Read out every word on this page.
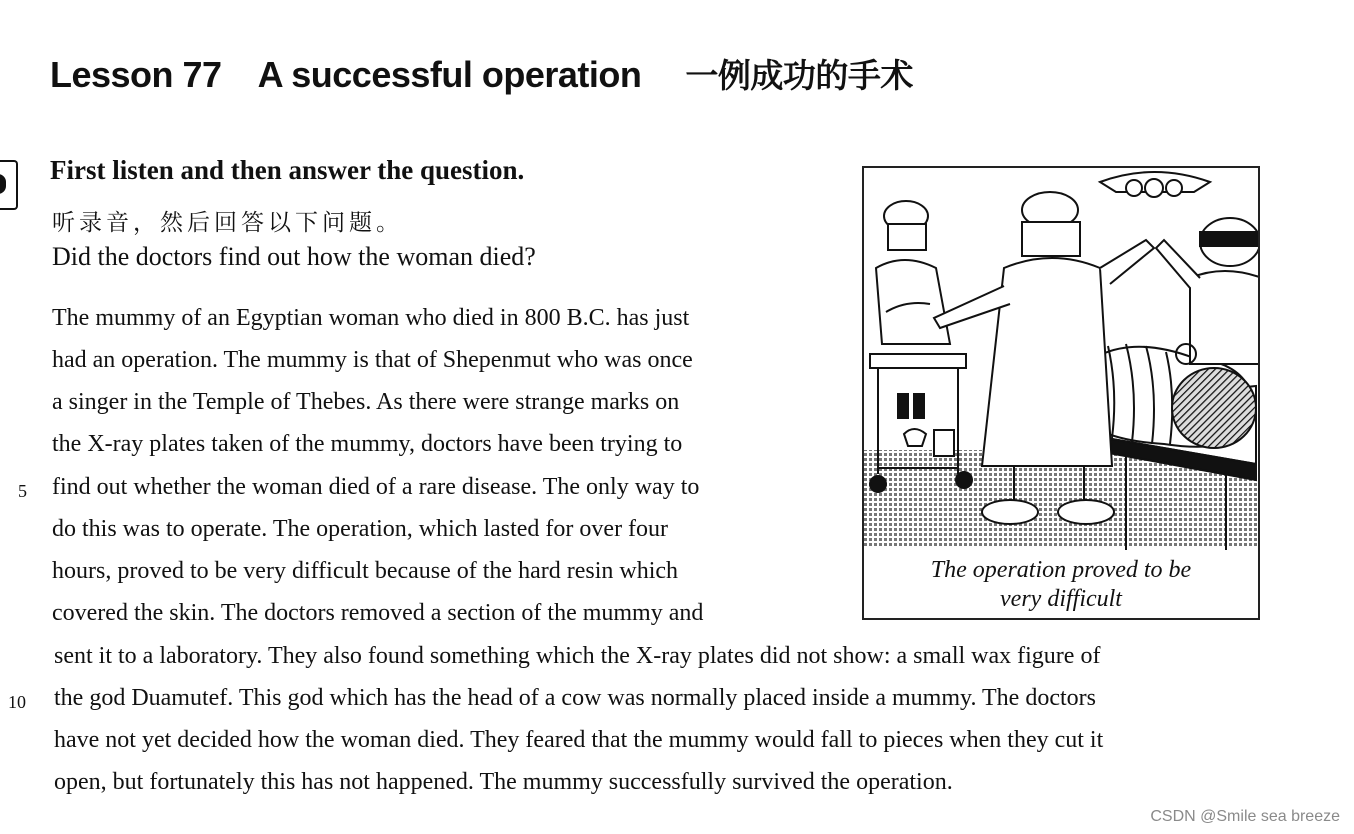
Lesson 77 A successful operation 一例成功的手术
First listen and then answer the question.
听录音，然后回答以下问题。
Did the doctors find out how the woman died?
The mummy of an Egyptian woman who died in 800 B.C. has just
had an operation. The mummy is that of Shepenmut who was once
a singer in the Temple of Thebes. As there were strange marks on
the X-ray plates taken of the mummy, doctors have been trying to
find out whether the woman died of a rare disease. The only way to
do this was to operate. The operation, which lasted for over four
hours, proved to be very difficult because of the hard resin which
covered the skin. The doctors removed a section of the mummy and
sent it to a laboratory. They also found something which the X-ray plates did not show: a small wax figure of
the god Duamutef. This god which has the head of a cow was normally placed inside a mummy. The doctors
have not yet decided how the woman died. They feared that the mummy would fall to pieces when they cut it
open, but fortunately this has not happened. The mummy successfully survived the operation.
5
10
The operation proved to be
very difficult
CSDN @Smile sea breeze
